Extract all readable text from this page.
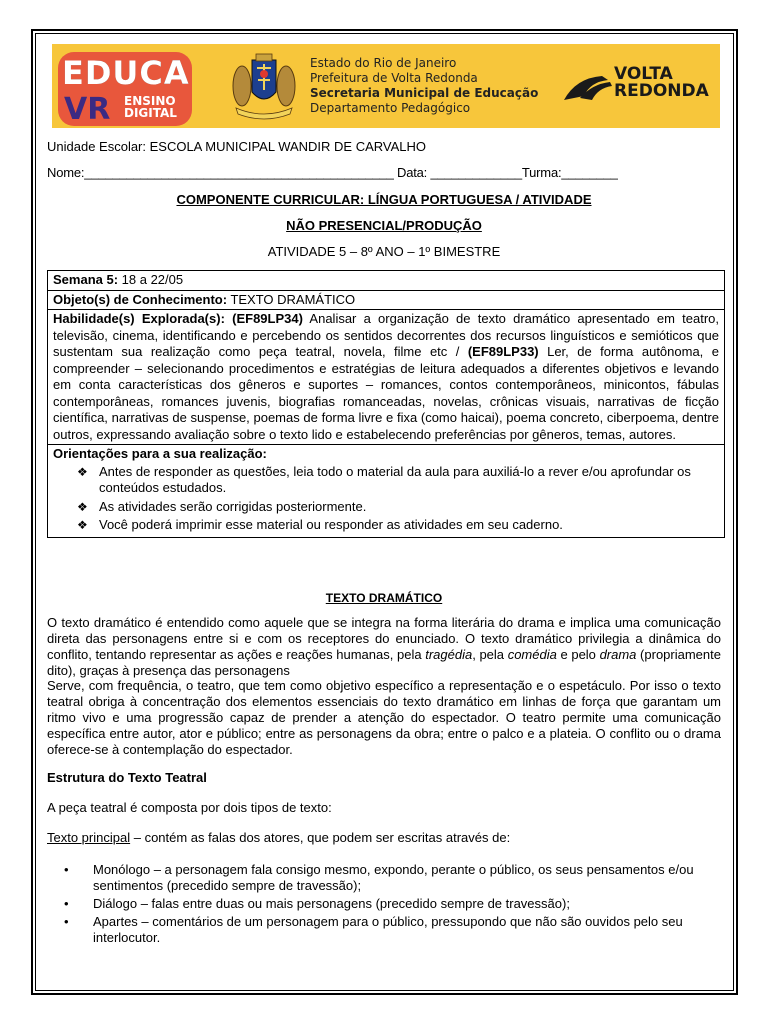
EDUCA
VR ENSINO
DIGITAL
Estado do Rio de Janeiro
Prefeitura de Volta Redonda
Secretaria Municipal de Educação
Departamento Pedagógico
VOLTA
REDONDA
Unidade Escolar: ESCOLA MUNICIPAL WANDIR DE CARVALHO
Nome:____________________________________________ Data: _____________Turma:________
COMPONENTE CURRICULAR: LÍNGUA PORTUGUESA / ATIVIDADE
NÃO PRESENCIAL/PRODUÇÃO
ATIVIDADE 5 – 8º ANO – 1º BIMESTRE
Semana 5: 18 a 22/05
Objeto(s) de Conhecimento: TEXTO DRAMÁTICO
Habilidade(s) Explorada(s): (EF89LP34) Analisar a organização de texto dramático apresentado em teatro, televisão, cinema, identificando e percebendo os sentidos decorrentes dos recursos linguísticos e semióticos que sustentam sua realização como peça teatral, novela, filme etc / (EF89LP33) Ler, de forma autônoma, e compreender – selecionando procedimentos e estratégias de leitura adequados a diferentes objetivos e levando em conta características dos gêneros e suportes – romances, contos contemporâneos, minicontos, fábulas contemporâneas, romances juvenis, biografias romanceadas, novelas, crônicas visuais, narrativas de ficção científica, narrativas de suspense, poemas de forma livre e fixa (como haicai), poema concreto, ciberpoema, dentre outros, expressando avaliação sobre o texto lido e estabelecendo preferências por gêneros, temas, autores.
Orientações para a sua realização:
❖ Antes de responder as questões, leia todo o material da aula para auxiliá-lo a rever e/ou aprofundar os conteúdos estudados.
❖ As atividades serão corrigidas posteriormente.
❖ Você poderá imprimir esse material ou responder as atividades em seu caderno.
TEXTO DRAMÁTICO
O texto dramático é entendido como aquele que se integra na forma literária do drama e implica uma comunicação direta das personagens entre si e com os receptores do enunciado. O texto dramático privilegia a dinâmica do conflito, tentando representar as ações e reações humanas, pela tragédia, pela comédia e pelo drama (propriamente dito), graças à presença das personagens
Serve, com frequência, o teatro, que tem como objetivo específico a representação e o espetáculo. Por isso o texto teatral obriga à concentração dos elementos essenciais do texto dramático em linhas de força que garantam um ritmo vivo e uma progressão capaz de prender a atenção do espectador. O teatro permite uma comunicação específica entre autor, ator e público; entre as personagens da obra; entre o palco e a plateia. O conflito ou o drama oferece-se à contemplação do espectador.
Estrutura do Texto Teatral
A peça teatral é composta por dois tipos de texto:
Texto principal – contém as falas dos atores, que podem ser escritas através de:
• Monólogo – a personagem fala consigo mesmo, expondo, perante o público, os seus pensamentos e/ou sentimentos (precedido sempre de travessão);
• Diálogo – falas entre duas ou mais personagens (precedido sempre de travessão);
• Apartes – comentários de um personagem para o público, pressupondo que não são ouvidos pelo seu interlocutor.
